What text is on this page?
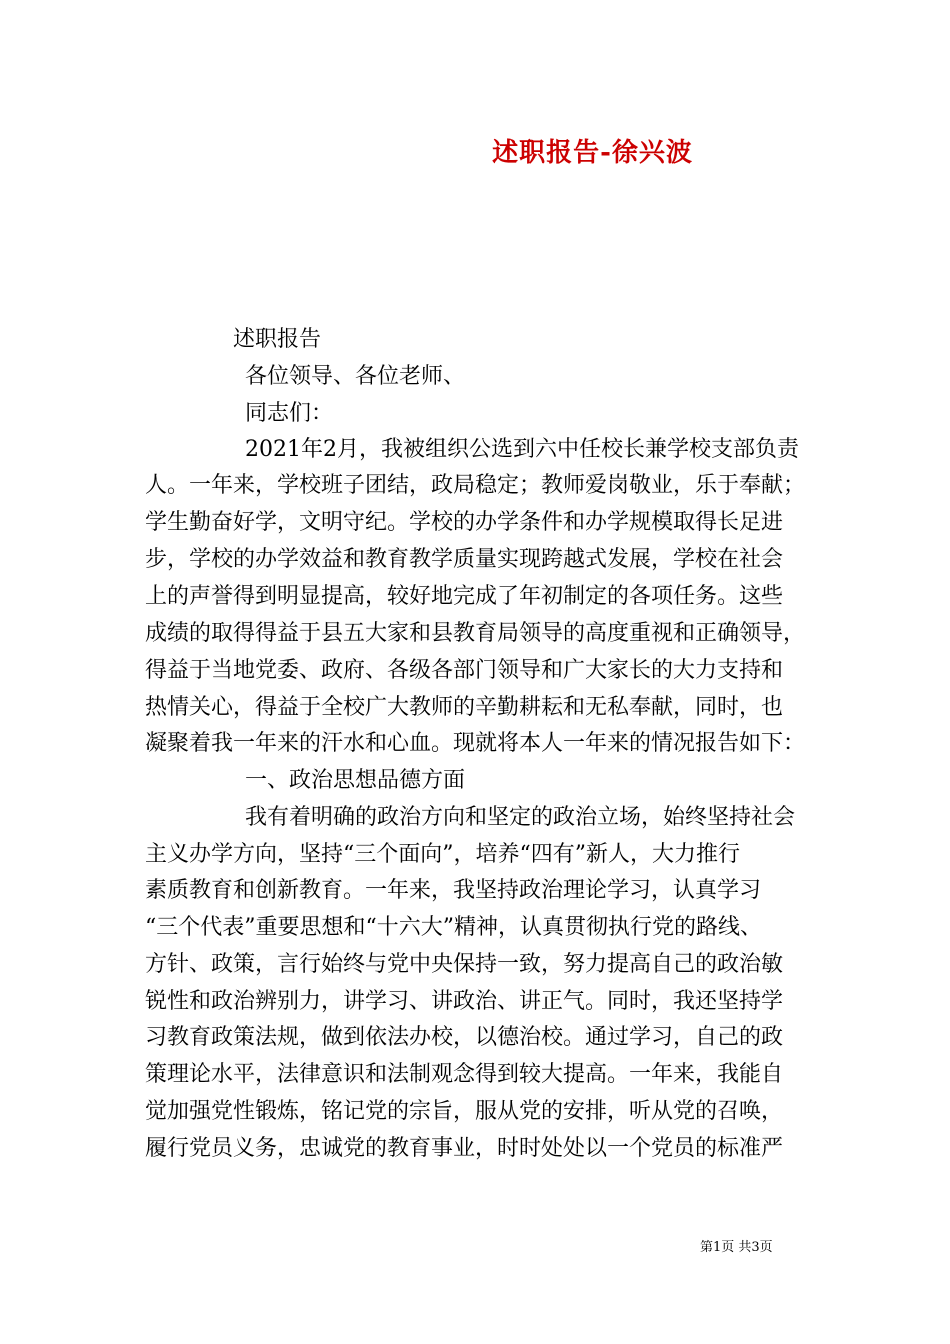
述职报告-徐兴波
述职报告
各位领导、各位老师、
同志们：
2021年2月，我被组织公选到六中任校长兼学校支部负责
人。一年来，学校班子团结，政局稳定；教师爱岗敬业，乐于奉献；
学生勤奋好学，文明守纪。学校的办学条件和办学规模取得长足进
步，学校的办学效益和教育教学质量实现跨越式发展，学校在社会
上的声誉得到明显提高，较好地完成了年初制定的各项任务。这些
成绩的取得得益于县五大家和县教育局领导的高度重视和正确领导，
得益于当地党委、政府、各级各部门领导和广大家长的大力支持和
热情关心，得益于全校广大教师的辛勤耕耘和无私奉献，同时，也
凝聚着我一年来的汗水和心血。现就将本人一年来的情况报告如下：
一、政治思想品德方面
我有着明确的政治方向和坚定的政治立场，始终坚持社会
主义办学方向，坚持“三个面向”，培养“四有”新人，大力推行
素质教育和创新教育。一年来，我坚持政治理论学习，认真学习
“三个代表”重要思想和“十六大”精神，认真贯彻执行党的路线、
方针、政策，言行始终与党中央保持一致，努力提高自己的政治敏
锐性和政治辨别力，讲学习、讲政治、讲正气。同时，我还坚持学
习教育政策法规，做到依法办校，以德治校。通过学习，自己的政
策理论水平，法律意识和法制观念得到较大提高。一年来，我能自
觉加强党性锻炼，铭记党的宗旨，服从党的安排，听从党的召唤，
履行党员义务，忠诚党的教育事业，时时处处以一个党员的标准严
第1页 共3页
